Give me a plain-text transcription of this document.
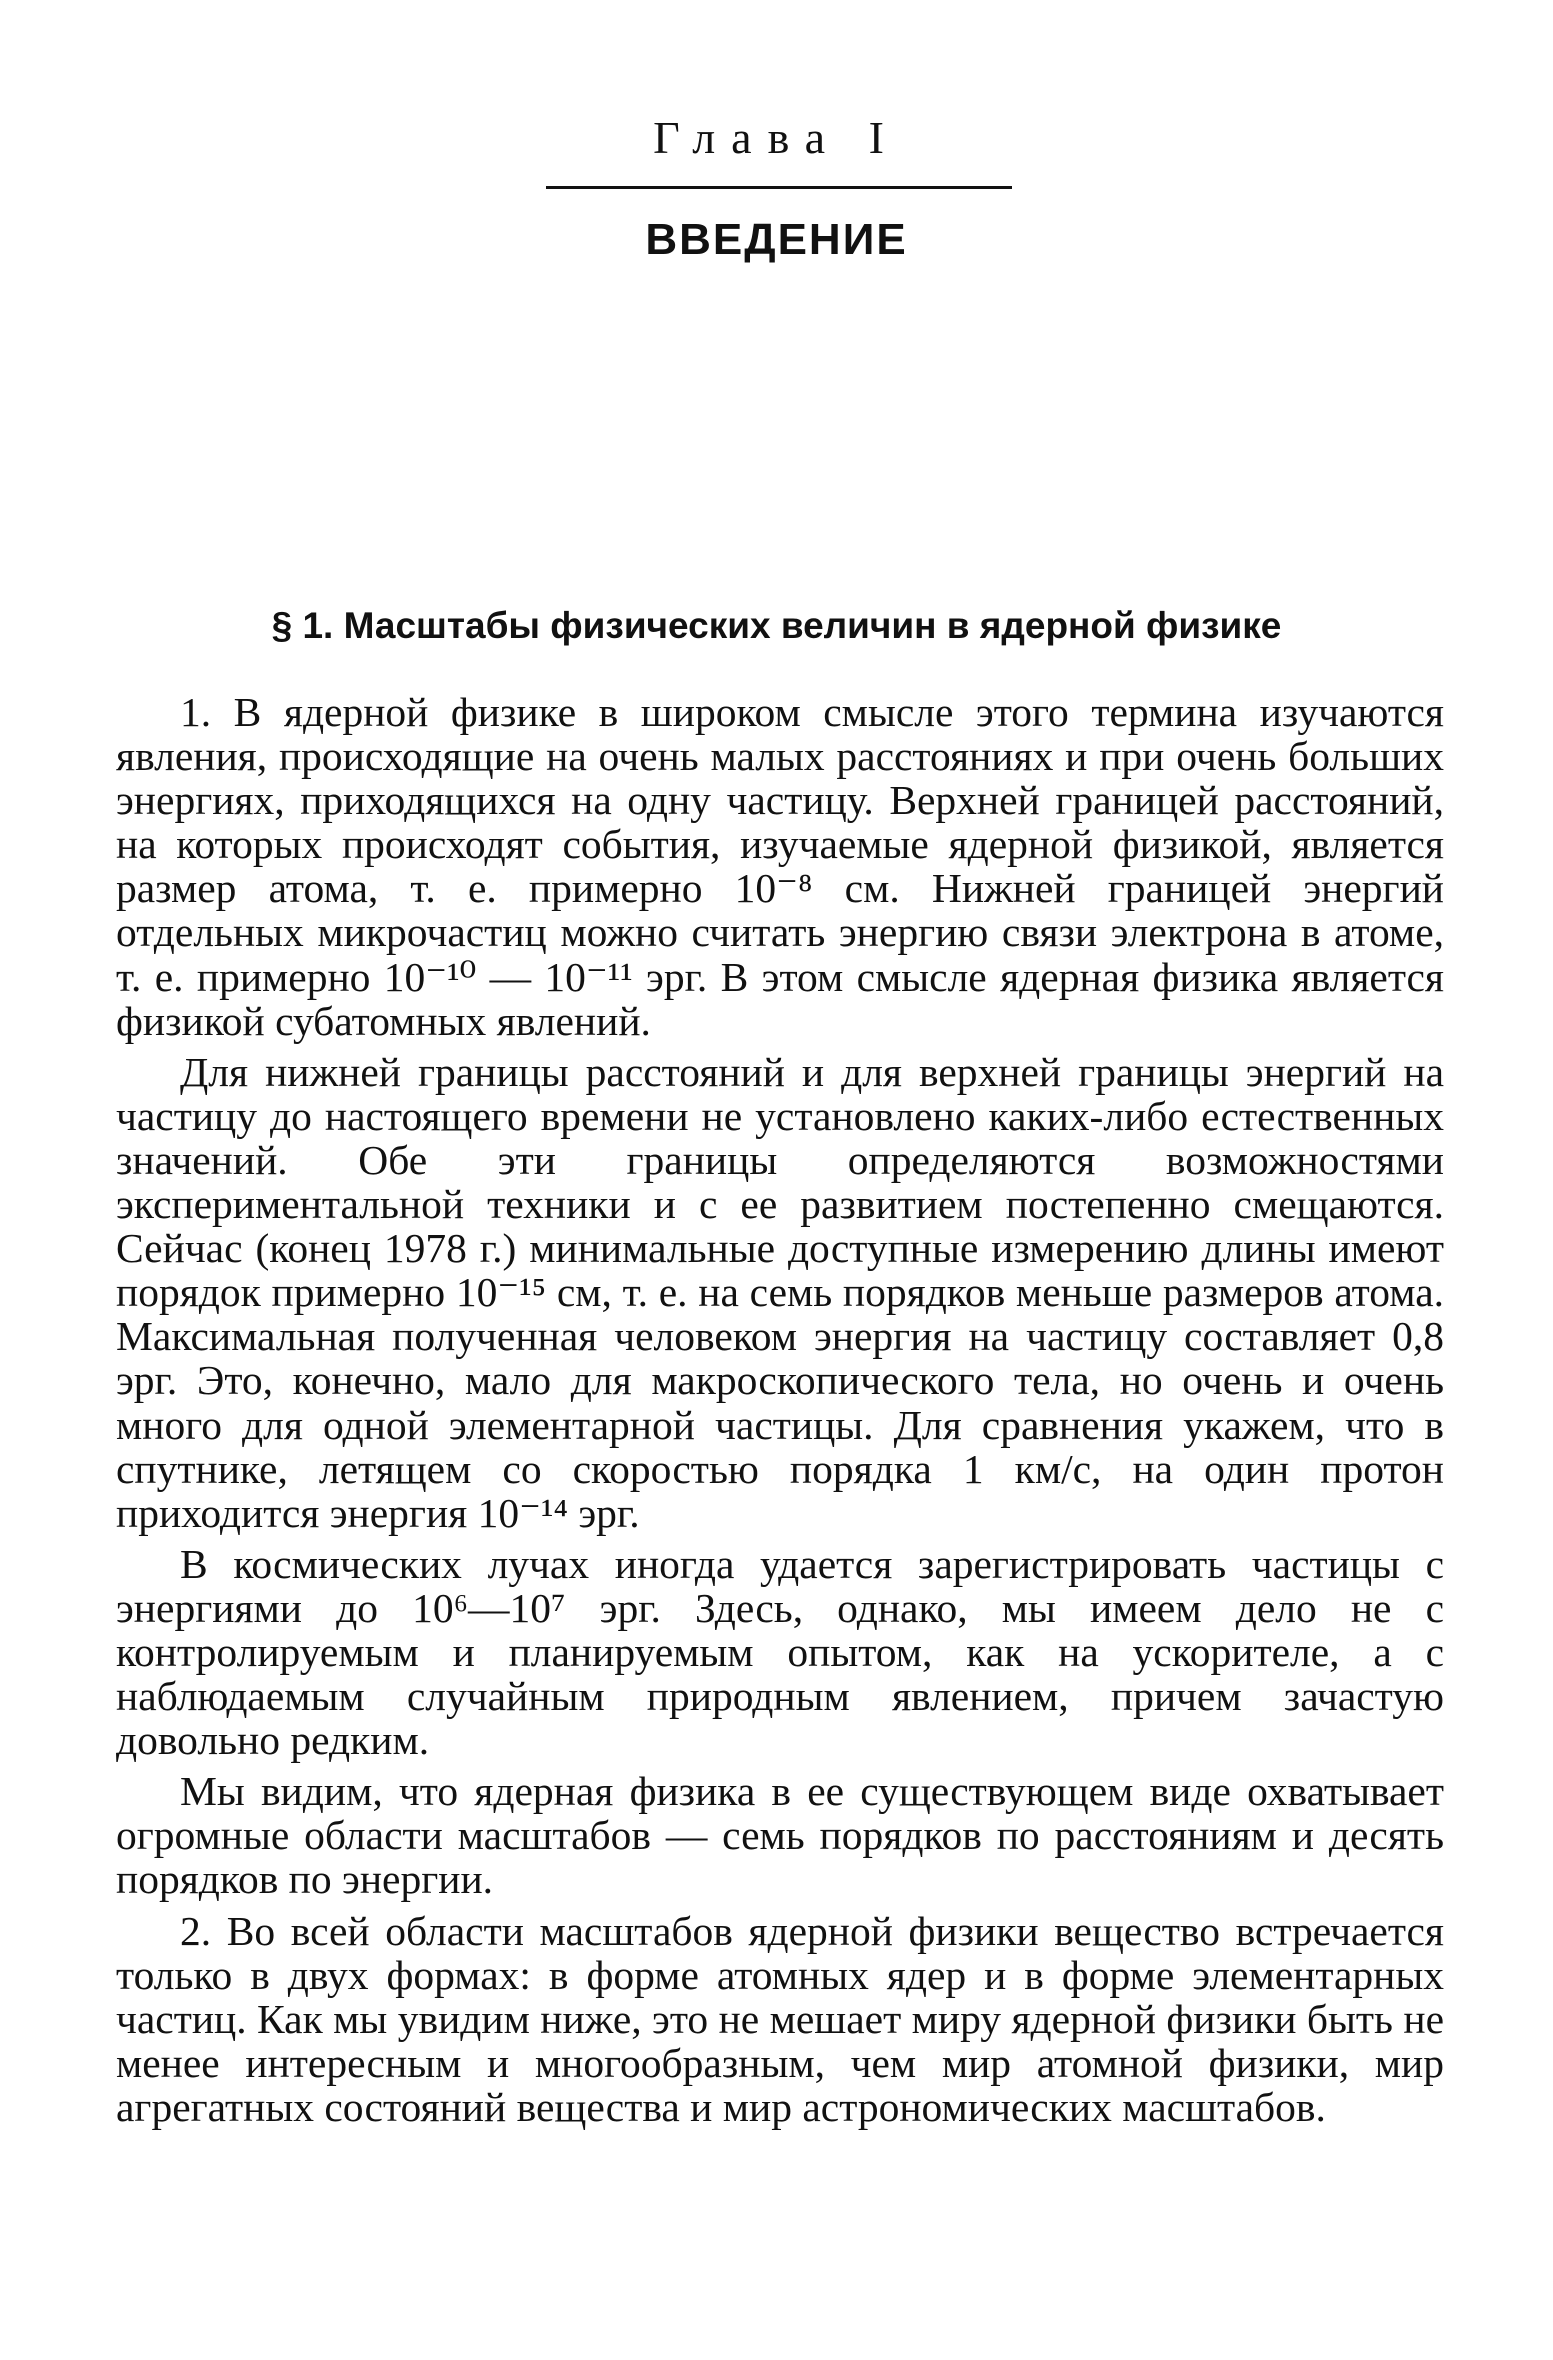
Глава I
ВВЕДЕНИЕ
§ 1. Масштабы физических величин в ядерной физике

1. В ядерной физике в широком смысле этого термина изучаются явления, происходящие на очень малых расстояниях и при очень больших энергиях, приходящихся на одну частицу. Верхней границей расстояний, на которых происходят события, изучаемые ядерной физикой, является размер атома, т. е. примерно 10⁻⁸ см. Нижней границей энергий отдельных микрочастиц можно считать энергию связи электрона в атоме, т. е. примерно 10⁻¹⁰ — 10⁻¹¹ эрг. В этом смысле ядерная физика является физикой субатомных явлений.

Для нижней границы расстояний и для верхней границы энергий на частицу до настоящего времени не установлено каких-либо естественных значений. Обе эти границы определяются возможностями экспериментальной техники и с ее развитием постепенно смещаются. Сейчас (конец 1978 г.) минимальные доступные измерению длины имеют порядок примерно 10⁻¹⁵ см, т. е. на семь порядков меньше размеров атома. Максимальная полученная человеком энергия на частицу составляет 0,8 эрг. Это, конечно, мало для макроскопического тела, но очень и очень много для одной элементарной частицы. Для сравнения укажем, что в спутнике, летящем со скоростью порядка 1 км/с, на один протон приходится энергия 10⁻¹⁴ эрг.

В космических лучах иногда удается зарегистрировать частицы с энергиями до 10⁶—10⁷ эрг. Здесь, однако, мы имеем дело не с контролируемым и планируемым опытом, как на ускорителе, а с наблюдаемым случайным природным явлением, причем зачастую довольно редким.

Мы видим, что ядерная физика в ее существующем виде охватывает огромные области масштабов — семь порядков по расстояниям и десять порядков по энергии.

2. Во всей области масштабов ядерной физики вещество встречается только в двух формах: в форме атомных ядер и в форме элементарных частиц. Как мы увидим ниже, это не мешает миру ядерной физики быть не менее интересным и многообразным, чем мир атомной физики, мир агрегатных состояний вещества и мир астрономических масштабов.
